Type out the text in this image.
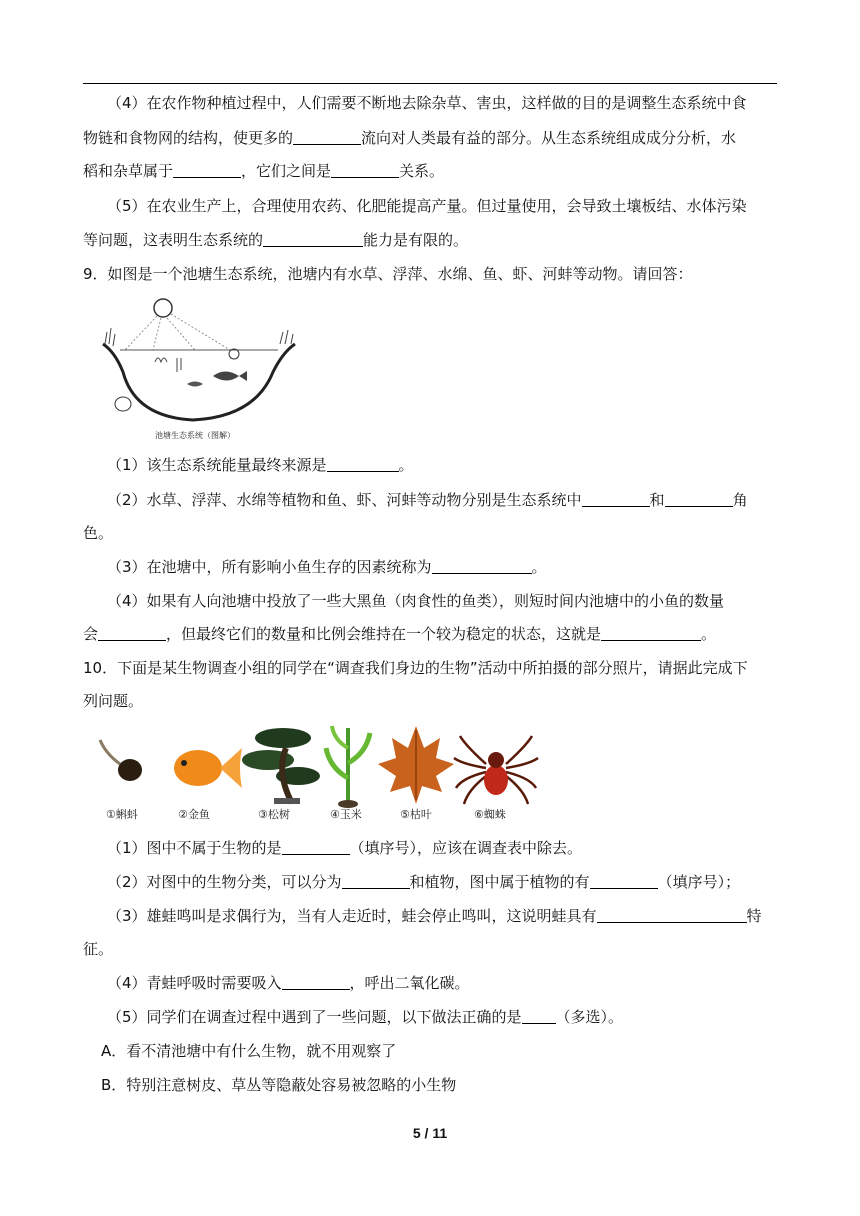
（4）在农作物种植过程中，人们需要不断地去除杂草、害虫，这样做的目的是调整生态系统中食
物链和食物网的结构，使更多的	流向对人类最有益的部分。从生态系统组成成分分析，水
稻和杂草属于	，它们之间是	关系。
（5）在农业生产上，合理使用农药、化肥能提高产量。但过量使用，会导致土壤板结、水体污染
等问题，这表明生态系统的	能力是有限的。
9．如图是一个池塘生态系统，池塘内有水草、浮萍、水绵、鱼、虾、河蚌等动物。请回答：
池塘生态系统（图解）
（1）该生态系统能量最终来源是	。
（2）水草、浮萍、水绵等植物和鱼、虾、河蚌等动物分别是生态系统中	和	角
色。
（3）在池塘中，所有影响小鱼生存的因素统称为	。
（4）如果有人向池塘中投放了一些大黑鱼（肉食性的鱼类），则短时间内池塘中的小鱼的数量
会	，但最终它们的数量和比例会维持在一个较为稳定的状态，这就是	。
10．下面是某生物调查小组的同学在“调查我们身边的生物”活动中所拍摄的部分照片，请据此完成下
列问题。
①蝌蚪	②金鱼	③松树	④玉米	⑤枯叶	⑥蜘蛛
（1）图中不属于生物的是	（填序号），应该在调查表中除去。
（2）对图中的生物分类，可以分为	和植物，图中属于植物的有	（填序号）；
（3）雄蛙鸣叫是求偶行为，当有人走近时，蛙会停止鸣叫，这说明蛙具有	特
征。
（4）青蛙呼吸时需要吸入	，呼出二氧化碳。
（5）同学们在调查过程中遇到了一些问题，以下做法正确的是 （多选）。
A．看不清池塘中有什么生物，就不用观察了
B．特别注意树皮、草丛等隐蔽处容易被忽略的小生物
5 / 11
